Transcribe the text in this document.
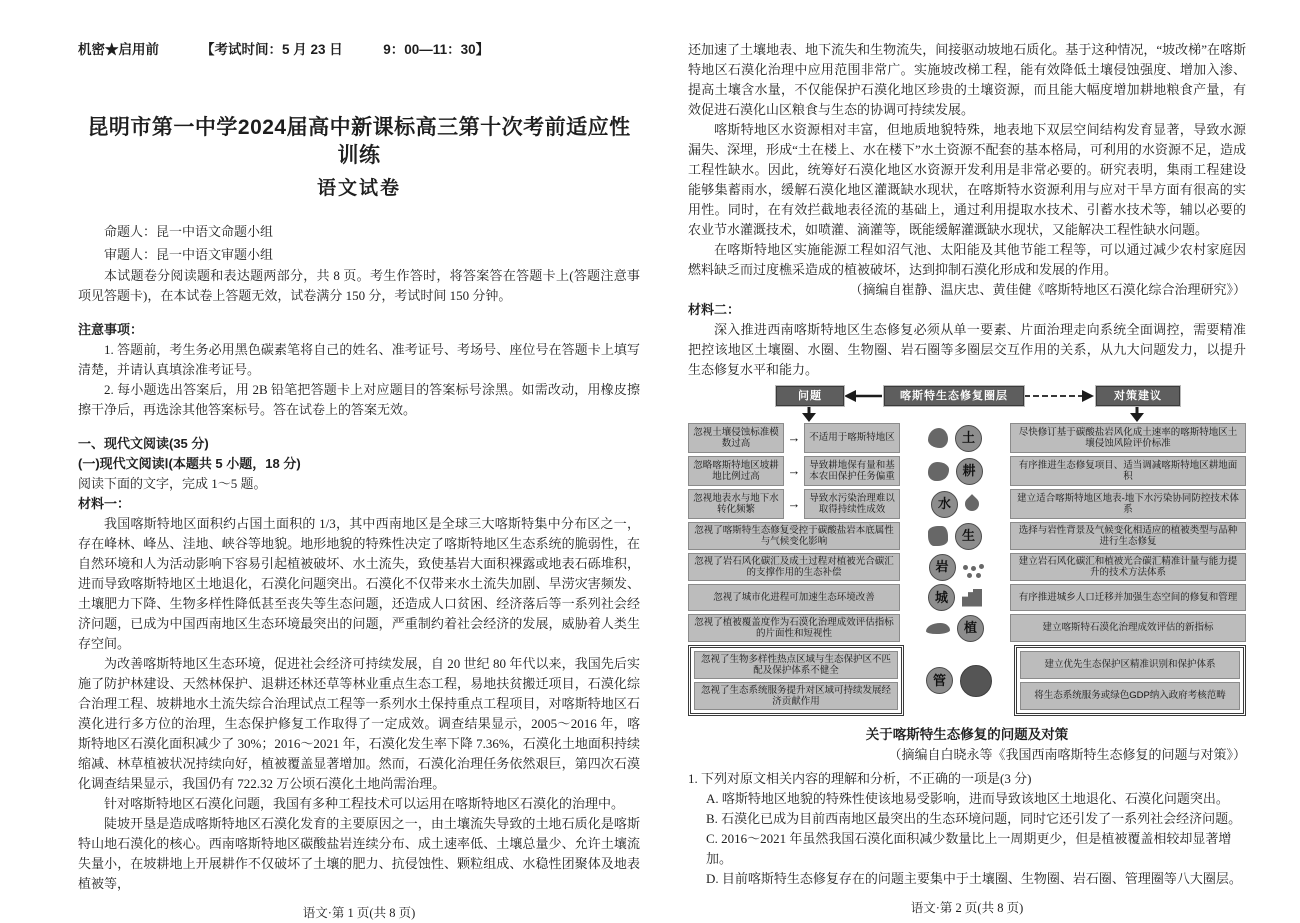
机密★启用前	【考试时间：5 月 23 日　　　9：00—11：30】
昆明市第一中学2024届高中新课标高三第十次考前适应性训练
语文试卷
命题人：昆一中语文命题小组
审题人：昆一中语文审题小组

本试题卷分阅读题和表达题两部分，共 8 页。考生作答时，将答案答在答题卡上(答题注意事项见答题卡)，在本试卷上答题无效，试卷满分 150 分，考试时间 150 分钟。

注意事项：

1. 答题前，考生务必用黑色碳素笔将自己的姓名、准考证号、考场号、座位号在答题卡上填写清楚，并请认真填涂准考证号。

2. 每小题选出答案后，用 2B 铅笔把答题卡上对应题目的答案标号涂黑。如需改动，用橡皮擦擦干净后，再选涂其他答案标号。答在试卷上的答案无效。

一、现代文阅读(35 分)
(一)现代文阅读Ⅰ(本题共 5 小题，18 分)
阅读下面的文字，完成 1～5 题。
材料一：

我国喀斯特地区面积约占国土面积的 1/3，其中西南地区是全球三大喀斯特集中分布区之一，存在峰林、峰丛、洼地、峡谷等地貌。地形地貌的特殊性决定了喀斯特地区生态系统的脆弱性，在自然环境和人为活动影响下容易引起植被破坏、水土流失，致使基岩大面积裸露或地表石砾堆积，进而导致喀斯特地区土地退化，石漠化问题突出。石漠化不仅带来水土流失加剧、旱涝灾害频发、土壤肥力下降、生物多样性降低甚至丧失等生态问题，还造成人口贫困、经济落后等一系列社会经济问题，已成为中国西南地区生态环境最突出的问题，严重制约着社会经济的发展，威胁着人类生存空间。

为改善喀斯特地区生态环境，促进社会经济可持续发展，自 20 世纪 80 年代以来，我国先后实施了防护林建设、天然林保护、退耕还林还草等林业重点生态工程，易地扶贫搬迁项目，石漠化综合治理工程、坡耕地水土流失综合治理试点工程等一系列水土保持重点工程项目，对喀斯特地区石漠化进行多方位的治理，生态保护修复工作取得了一定成效。调查结果显示，2005～2016 年，喀斯特地区石漠化面积减少了 30%；2016～2021 年，石漠化发生率下降 7.36%，石漠化土地面积持续缩减、林草植被状况持续向好，植被覆盖显著增加。然而，石漠化治理任务依然艰巨，第四次石漠化调查结果显示，我国仍有 722.32 万公顷石漠化土地尚需治理。

针对喀斯特地区石漠化问题，我国有多种工程技术可以运用在喀斯特地区石漠化的治理中。

陡坡开垦是造成喀斯特地区石漠化发育的主要原因之一，由土壤流失导致的土地石质化是喀斯特山地石漠化的核心。西南喀斯特地区碳酸盐岩连续分布、成土速率低、土壤总量少、允许土壤流失量小，在坡耕地上开展耕作不仅破坏了土壤的肥力、抗侵蚀性、颗粒组成、水稳性团聚体及地表植被等，

语文·第 1 页(共 8 页)

还加速了土壤地表、地下流失和生物流失，间接驱动坡地石质化。基于这种情况，“坡改梯”在喀斯特地区石漠化治理中应用范围非常广。实施坡改梯工程，能有效降低土壤侵蚀强度、增加入渗、提高土壤含水量，不仅能保护石漠化地区珍贵的土壤资源，而且能大幅度增加耕地粮食产量，有效促进石漠化山区粮食与生态的协调可持续发展。

喀斯特地区水资源相对丰富，但地质地貌特殊，地表地下双层空间结构发育显著，导致水源漏失、深埋，形成“土在楼上、水在楼下”水土资源不配套的基本格局，可利用的水资源不足，造成工程性缺水。因此，统筹好石漠化地区水资源开发利用是非常必要的。研究表明，集雨工程建设能够集蓄雨水，缓解石漠化地区灌溉缺水现状，在喀斯特水资源利用与应对干旱方面有很高的实用性。同时，在有效拦截地表径流的基础上，通过利用提取水技术、引蓄水技术等，辅以必要的农业节水灌溉技术，如喷灌、滴灌等，既能缓解灌溉缺水现状，又能解决工程性缺水问题。

在喀斯特地区实施能源工程如沼气池、太阳能及其他节能工程等，可以通过减少农村家庭因燃料缺乏而过度樵采造成的植被破坏，达到抑制石漠化形成和发展的作用。

（摘编自崔静、温庆忠、黄佳健《喀斯特地区石漠化综合治理研究》）

材料二：

深入推进西南喀斯特地区生态修复必须从单一要素、片面治理走向系统全面调控，需要精准把控该地区土壤圈、水圈、生物圈、岩石圈等多圈层交互作用的关系，从九大问题发力，以提升生态修复水平和能力。

问题	喀斯特生态修复圈层	对策建议
忽视土壤侵蚀标准模数过高	→ 不适用于喀斯特地区	土	尽快修订基于碳酸盐岩风化成土速率的喀斯特地区土壤侵蚀风险评价标准
忽略喀斯特地区坡耕地比例过高	→ 导致耕地保有量和基本农田保护任务偏重	耕	有序推进生态修复项目、适当调减喀斯特地区耕地面积
忽视地表水与地下水转化频繁	→ 导致水污染治理难以取得持续性成效	水	建立适合喀斯特地区地表-地下水污染协同防控技术体系
忽视了喀斯特生态修复受控于碳酸盐岩本底属性与气候变化影响	生	选择与岩性背景及气候变化相适应的植被类型与品种进行生态修复
忽视了岩石风化碳汇及成土过程对植被光合碳汇的支撑作用的生态补偿	岩	建立岩石风化碳汇和植被光合碳汇精准计量与能力提升的技术方法体系
忽视了城市化进程可加速生态环境改善	城	有序推进城乡人口迁移并加强生态空间的修复和管理
忽视了植被覆盖度作为石漠化治理成效评估指标的片面性和短视性	植	建立喀斯特石漠化治理成效评估的新指标
忽视了生物多样性热点区域与生态保护区不匹配及保护体系不健全
忽视了生态系统服务提升对区域可持续发展经济贡献作用
管
建立优先生态保护区精准识别和保护体系
将生态系统服务或绿色GDP纳入政府考核范畴
关于喀斯特生态修复的问题及对策

（摘编自白晓永等《我国西南喀斯特生态修复的问题与对策》）

1. 下列对原文相关内容的理解和分析，不正确的一项是(3 分)
A. 喀斯特地区地貌的特殊性使该地易受影响，进而导致该地区土地退化、石漠化问题突出。
B. 石漠化已成为目前西南地区最突出的生态环境问题，同时它还引发了一系列社会经济问题。
C. 2016～2021 年虽然我国石漠化面积减少数量比上一周期更少，但是植被覆盖相较却显著增加。
D. 目前喀斯特生态修复存在的问题主要集中于土壤圈、生物圈、岩石圈、管理圈等八大圈层。
语文·第 2 页(共 8 页)
